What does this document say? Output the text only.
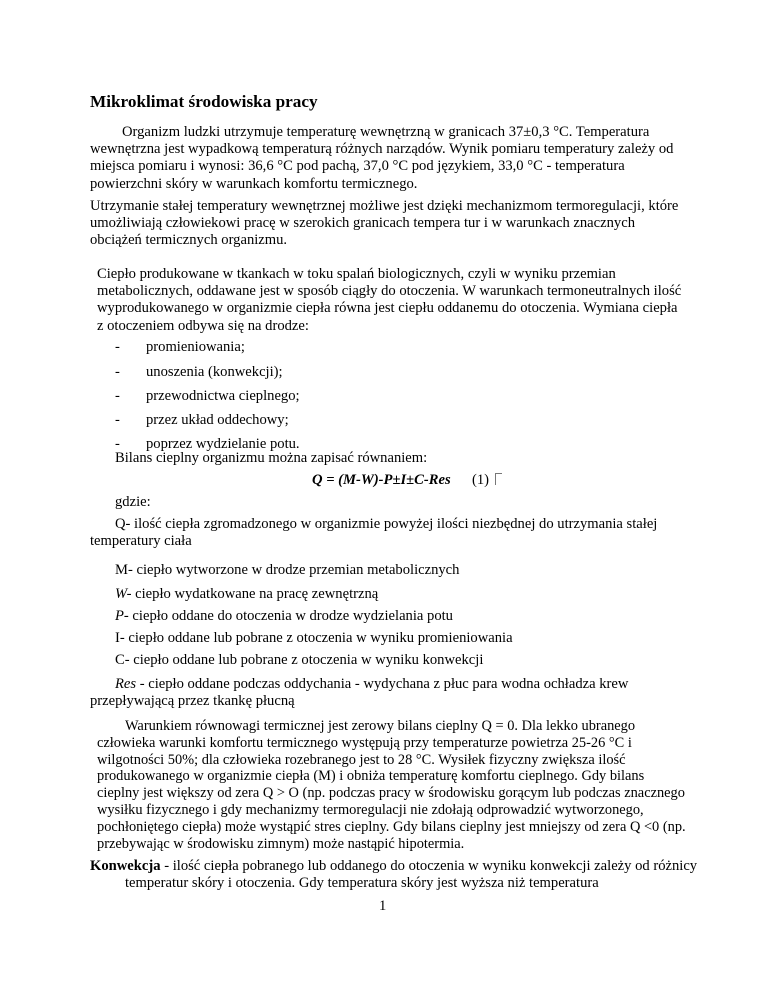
Mikroklimat środowiska pracy

Organizm ludzki utrzymuje temperaturę wewnętrzną w granicach 37±0,3 °C. Temperatura wewnętrzna jest wypadkową temperaturą różnych narządów. Wynik pomiaru temperatury zależy od miejsca pomiaru i wynosi: 36,6 °C pod pachą, 37,0 °C pod językiem, 33,0 °C - temperatura powierzchni skóry w warunkach komfortu termicznego.

Utrzymanie stałej temperatury wewnętrznej możliwe jest dzięki mechanizmom termoregulacji, które umożliwiają człowiekowi pracę w szerokich granicach tempera tur i w warunkach znacznych obciążeń termicznych organizmu.

Ciepło produkowane w tkankach w toku spalań biologicznych, czyli w wyniku przemian metabolicznych, oddawane jest w sposób ciągły do otoczenia. W warunkach termoneutralnych ilość wyprodukowanego w organizmie ciepła równa jest ciepłu oddanemu do otoczenia. Wymiana ciepła z otoczeniem odbywa się na drodze:

- promieniowania;
- unoszenia (konwekcji);
- przewodnictwa cieplnego;
- przez układ oddechowy;
- poprzez wydzielanie potu.
Bilans cieplny organizmu można zapisać równaniem:
Q = (M-W)-P±I±C-Res (1)
gdzie:
Q- ilość ciepła zgromadzonego w organizmie powyżej ilości niezbędnej do utrzymania stałej temperatury ciała
M- ciepło wytworzone w drodze przemian metabolicznych
W- ciepło wydatkowane na pracę zewnętrzną
P- ciepło oddane do otoczenia w drodze wydzielania potu
I- ciepło oddane lub pobrane z otoczenia w wyniku promieniowania
C- ciepło oddane lub pobrane z otoczenia w wyniku konwekcji
Res - ciepło oddane podczas oddychania - wydychana z płuc para wodna ochładza krew przepływającą przez tkankę płucną

Warunkiem równowagi termicznej jest zerowy bilans cieplny Q = 0. Dla lekko ubranego człowieka warunki komfortu termicznego występują przy temperaturze powietrza 25-26 °C i wilgotności 50%; dla człowieka rozebranego jest to 28 °C. Wysiłek fizyczny zwiększa ilość produkowanego w organizmie ciepła (M) i obniża temperaturę komfortu cieplnego. Gdy bilans cieplny jest większy od zera Q > O (np. podczas pracy w środowisku gorącym lub podczas znacznego wysiłku fizycznego i gdy mechanizmy termoregulacji nie zdołają odprowadzić wytworzonego, pochłoniętego ciepła) może wystąpić stres cieplny. Gdy bilans cieplny jest mniejszy od zera Q <0 (np. przebywając w środowisku zimnym) może nastąpić hipotermia.

Konwekcja - ilość ciepła pobranego lub oddanego do otoczenia w wyniku konwekcji zależy od różnicy temperatur skóry i otoczenia. Gdy temperatura skóry jest wyższa niż temperatura
1
